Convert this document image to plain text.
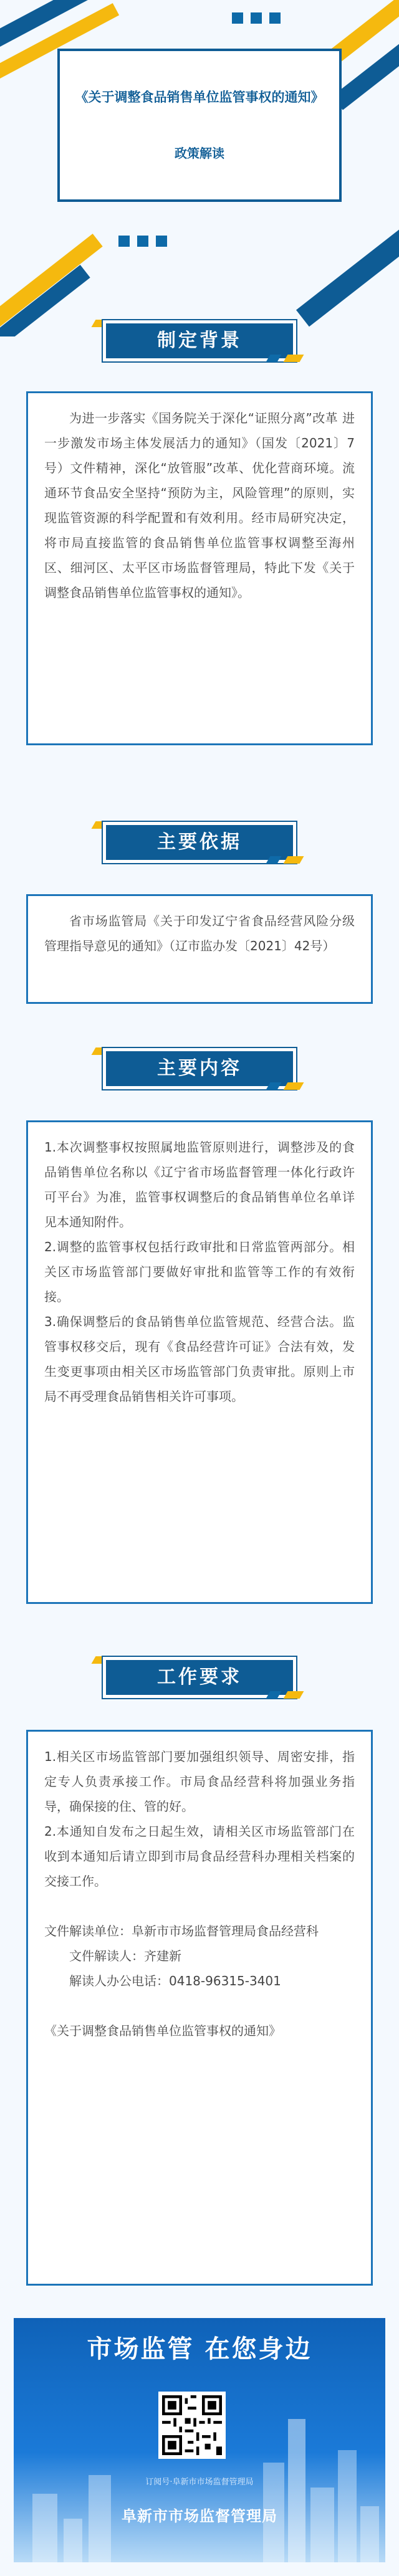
《关于调整食品销售单位监管事权的通知》
政策解读
制定背景

为进一步落实《国务院关于深化“证照分离”改革 进一步激发市场主体发展活力的通知》（国发〔2021〕7号）文件精神，深化“放管服”改革、优化营商环境。流通环节食品安全坚持“预防为主，风险管理”的原则，实现监管资源的科学配置和有效利用。经市局研究决定，将市局直接监管的食品销售单位监管事权调整至海州区、细河区、太平区市场监督管理局，特此下发《关于调整食品销售单位监管事权的通知》。

主要依据

省市场监管局《关于印发辽宁省食品经营风险分级管理指导意见的通知》（辽市监办发〔2021〕42号）

主要内容

1.本次调整事权按照属地监管原则进行，调整涉及的食品销售单位名称以《辽宁省市场监督管理一体化行政许可平台》为准，监管事权调整后的食品销售单位名单详见本通知附件。

2.调整的监管事权包括行政审批和日常监管两部分。相关区市场监管部门要做好审批和监管等工作的有效衔接。

3.确保调整后的食品销售单位监管规范、经营合法。监管事权移交后，现有《食品经营许可证》合法有效，发生变更事项由相关区市场监管部门负责审批。原则上市局不再受理食品销售相关许可事项。

工作要求

1.相关区市场监管部门要加强组织领导、周密安排，指定专人负责承接工作。市局食品经营科将加强业务指导，确保接的住、管的好。

2.本通知自发布之日起生效，请相关区市场监管部门在收到本通知后请立即到市局食品经营科办理相关档案的交接工作。

文件解读单位：阜新市市场监督管理局食品经营科

文件解读人：齐建新

解读人办公电话：0418-96315-3401

《关于调整食品销售单位监管事权的通知》

市场监管 在您身边
订阅号·阜新市市场监督管理局
阜新市市场监督管理局
